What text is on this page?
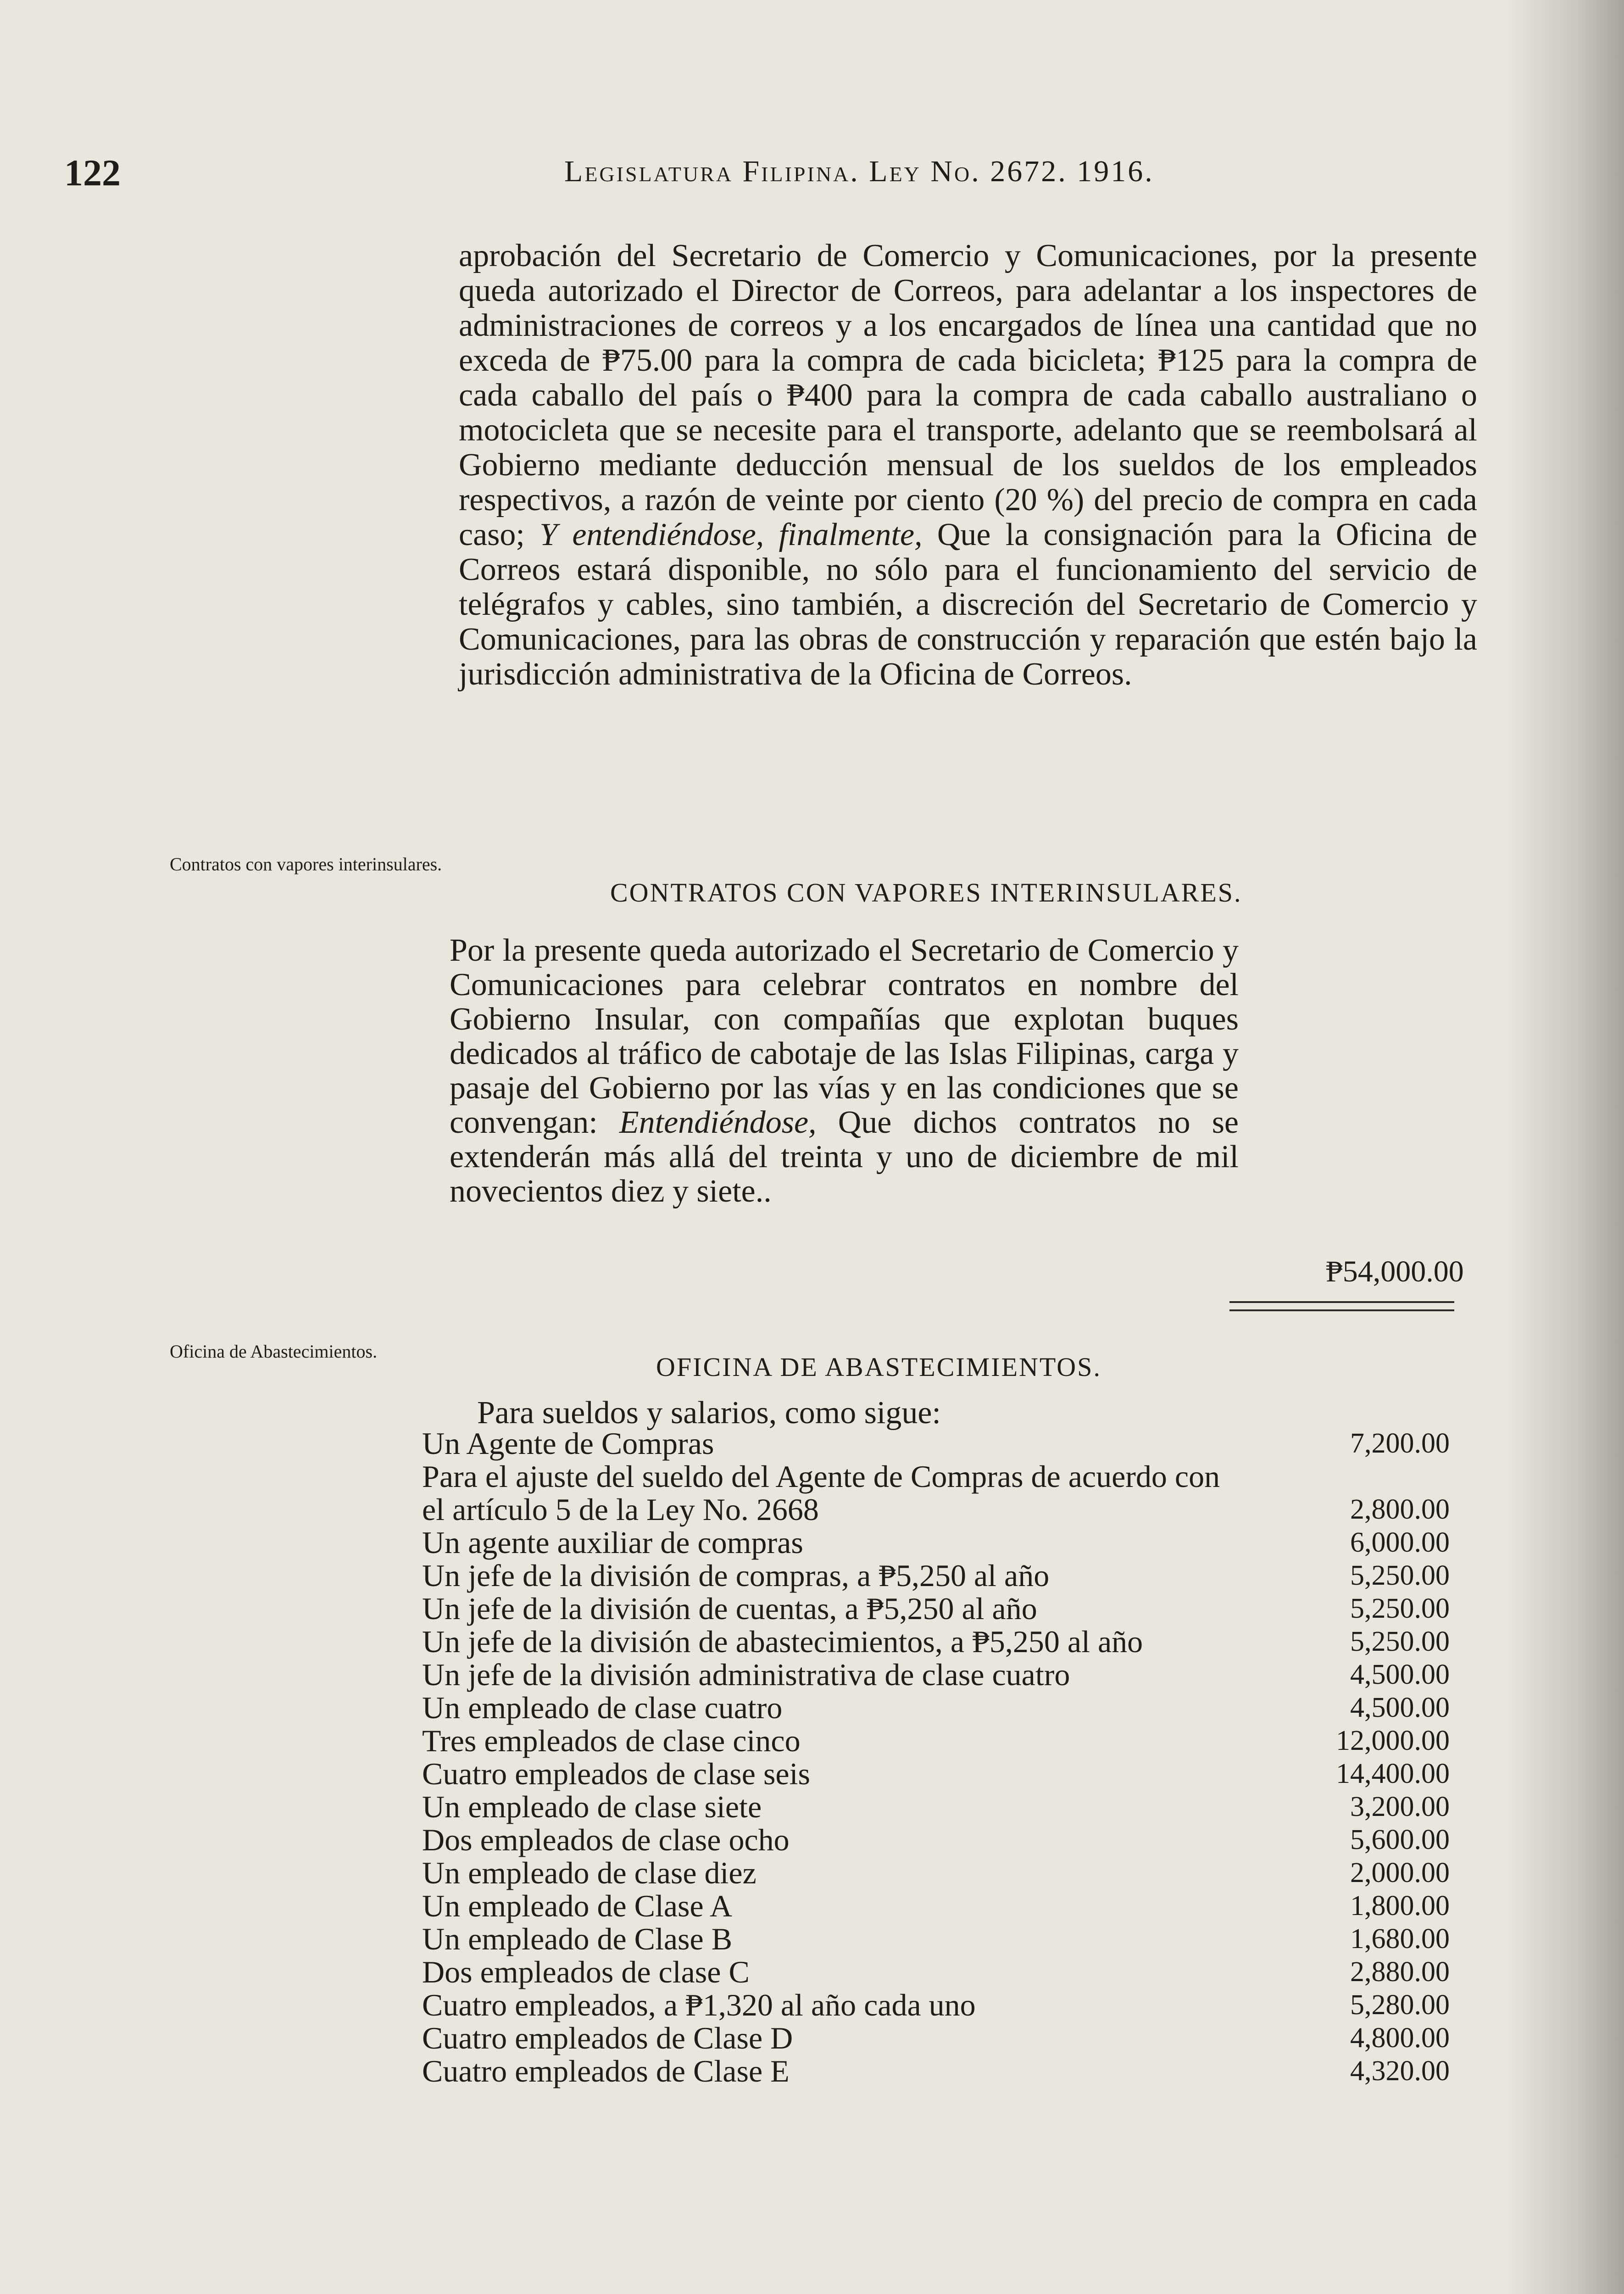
122	Legislatura Filipina. Ley No. 2672. 1916.

aprobación del Secretario de Comercio y Comunicaciones, por la presente queda autorizado el Director de Correos, para adelantar a los inspectores de administraciones de correos y a los encargados de línea una cantidad que no exceda de ₱75.00 para la compra de cada bicicleta; ₱125 para la compra de cada caballo del país o ₱400 para la compra de cada caballo australiano o motocicleta que se necesite para el transporte, adelanto que se reembolsará al Gobierno mediante deducción mensual de los sueldos de los empleados respectivos, a razón de veinte por ciento (20 %) del precio de compra en cada caso; Y entendiéndose, finalmente, Que la consignación para la Oficina de Correos estará disponible, no sólo para el funcionamiento del servicio de telégrafos y cables, sino también, a discreción del Secretario de Comercio y Comunicaciones, para las obras de construcción y reparación que estén bajo la jurisdicción administrativa de la Oficina de Correos.

Contratos con vapores interinsulares.
CONTRATOS CON VAPORES INTERINSULARES.

Por la presente queda autorizado el Secretario de Comercio y Comunicaciones para celebrar contratos en nombre del Gobierno Insular, con compañías que explotan buques dedicados al tráfico de cabotaje de las Islas Filipinas, carga y pasaje del Gobierno por las vías y en las condiciones que se convengan: Entendiéndose, Que dichos contratos no se extenderán más allá del treinta y uno de diciembre de mil novecientos diez y siete..

₱54,000.00
Oficina de Abastecimientos.
OFICINA DE ABASTECIMIENTOS.
Para sueldos y salarios, como sigue:
Un Agente de Compras	7,200.00
Para el ajuste del sueldo del Agente de Compras de acuerdo con el artículo 5 de la Ley No. 2668	2,800.00
Un agente auxiliar de compras	6,000.00
Un jefe de la división de compras, a ₱5,250 al año	5,250.00
Un jefe de la división de cuentas, a ₱5,250 al año	5,250.00
Un jefe de la división de abastecimientos, a ₱5,250 al año	5,250.00
Un jefe de la división administrativa de clase cuatro	4,500.00
Un empleado de clase cuatro	4,500.00
Tres empleados de clase cinco	12,000.00
Cuatro empleados de clase seis	14,400.00
Un empleado de clase siete	3,200.00
Dos empleados de clase ocho	5,600.00
Un empleado de clase diez	2,000.00
Un empleado de Clase A	1,800.00
Un empleado de Clase B	1,680.00
Dos empleados de clase C	2,880.00
Cuatro empleados, a ₱1,320 al año cada uno	5,280.00
Cuatro empleados de Clase D	4,800.00
Cuatro empleados de Clase E	4,320.00
